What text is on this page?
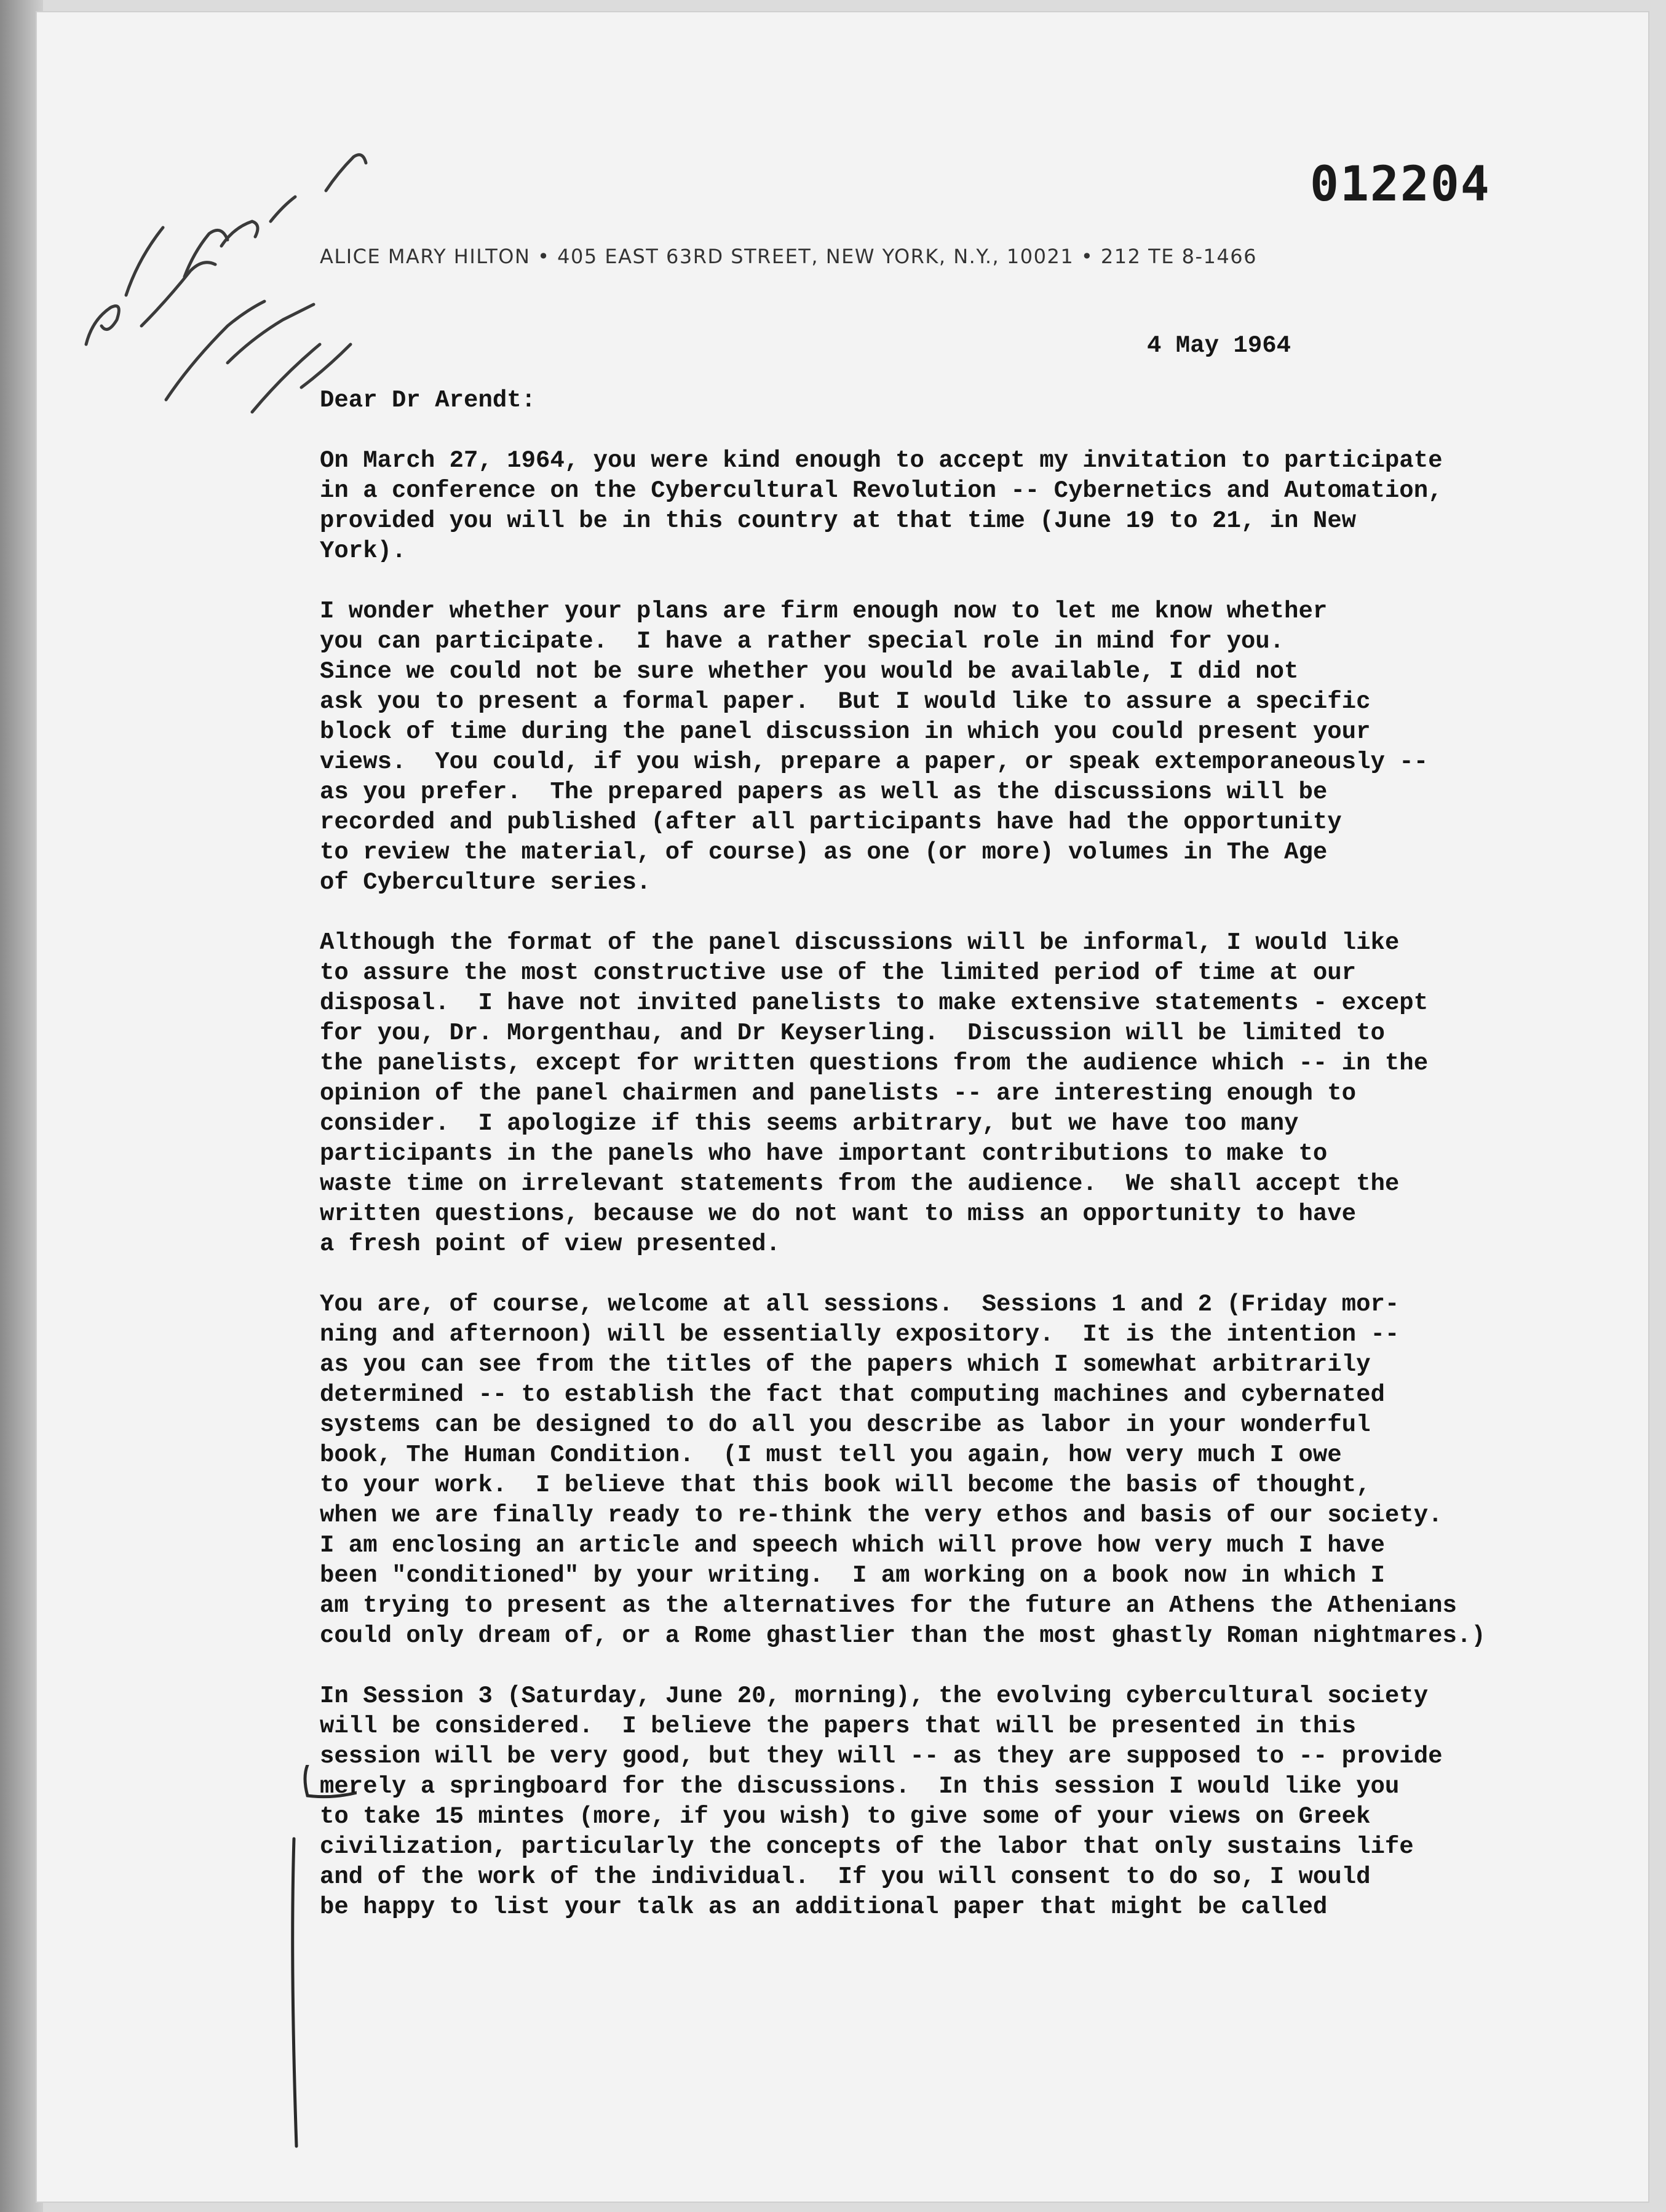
012204
ALICE MARY HILTON • 405 EAST 63RD STREET, NEW YORK, N.Y., 10021 • 212 TE 8-1466
4 May 1964
Dear Dr Arendt:
On March 27, 1964, you were kind enough to accept my invitation to participate
in a conference on the Cybercultural Revolution -- Cybernetics and Automation,
provided you will be in this country at that time (June 19 to 21, in New
York).
I wonder whether your plans are firm enough now to let me know whether
you can participate.  I have a rather special role in mind for you.
Since we could not be sure whether you would be available, I did not
ask you to present a formal paper.  But I would like to assure a specific
block of time during the panel discussion in which you could present your
views.  You could, if you wish, prepare a paper, or speak extemporaneously --
as you prefer.  The prepared papers as well as the discussions will be
recorded and published (after all participants have had the opportunity
to review the material, of course) as one (or more) volumes in The Age
of Cyberculture series.
Although the format of the panel discussions will be informal, I would like
to assure the most constructive use of the limited period of time at our
disposal.  I have not invited panelists to make extensive statements - except
for you, Dr. Morgenthau, and Dr Keyserling.  Discussion will be limited to
the panelists, except for written questions from the audience which -- in the
opinion of the panel chairmen and panelists -- are interesting enough to
consider.  I apologize if this seems arbitrary, but we have too many
participants in the panels who have important contributions to make to
waste time on irrelevant statements from the audience.  We shall accept the
written questions, because we do not want to miss an opportunity to have
a fresh point of view presented.
You are, of course, welcome at all sessions.  Sessions 1 and 2 (Friday mor-
ning and afternoon) will be essentially expository.  It is the intention --
as you can see from the titles of the papers which I somewhat arbitrarily
determined -- to establish the fact that computing machines and cybernated
systems can be designed to do all you describe as labor in your wonderful
book, The Human Condition.  (I must tell you again, how very much I owe
to your work.  I believe that this book will become the basis of thought,
when we are finally ready to re-think the very ethos and basis of our society.
I am enclosing an article and speech which will prove how very much I have
been "conditioned" by your writing.  I am working on a book now in which I
am trying to present as the alternatives for the future an Athens the Athenians
could only dream of, or a Rome ghastlier than the most ghastly Roman nightmares.)
In Session 3 (Saturday, June 20, morning), the evolving cybercultural society
will be considered.  I believe the papers that will be presented in this
session will be very good, but they will -- as they are supposed to -- provide
merely a springboard for the discussions.  In this session I would like you
to take 15 mintes (more, if you wish) to give some of your views on Greek
civilization, particularly the concepts of the labor that only sustains life
and of the work of the individual.  If you will consent to do so, I would
be happy to list your talk as an additional paper that might be called
